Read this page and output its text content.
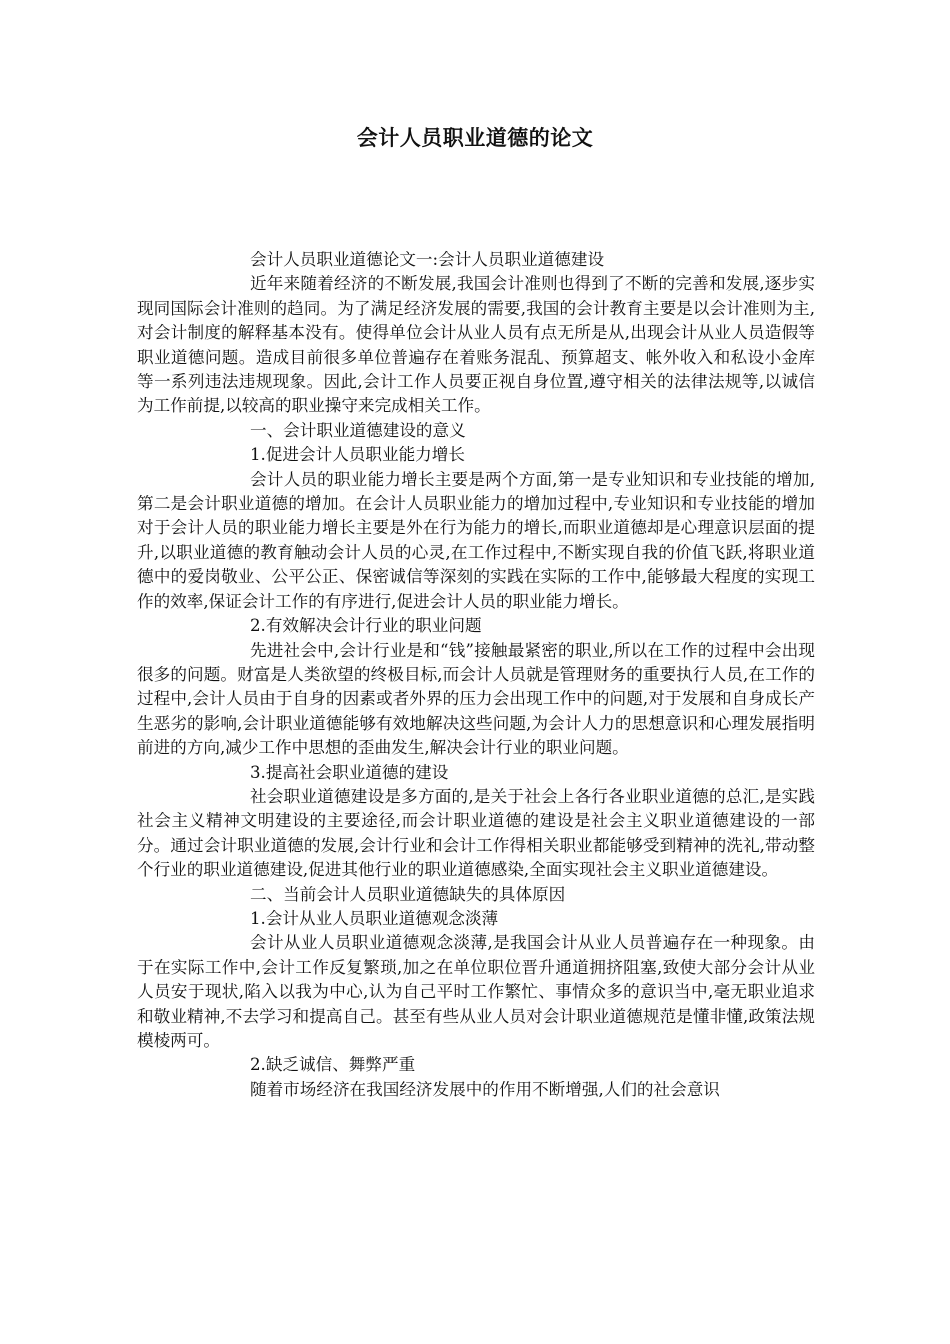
会计人员职业道德的论文

会计人员职业道德论文一:会计人员职业道德建设

近年来随着经济的不断发展,我国会计准则也得到了不断的完善和发展,逐步实现同国际会计准则的趋同。为了满足经济发展的需要,我国的会计教育主要是以会计准则为主,对会计制度的解释基本没有。使得单位会计从业人员有点无所是从,出现会计从业人员造假等职业道德问题。造成目前很多单位普遍存在着账务混乱、预算超支、帐外收入和私设小金库等一系列违法违规现象。因此,会计工作人员要正视自身位置,遵守相关的法律法规等,以诚信为工作前提,以较高的职业操守来完成相关工作。

一、会计职业道德建设的意义

1.促进会计人员职业能力增长

会计人员的职业能力增长主要是两个方面,第一是专业知识和专业技能的增加,第二是会计职业道德的增加。在会计人员职业能力的增加过程中,专业知识和专业技能的增加对于会计人员的职业能力增长主要是外在行为能力的增长,而职业道德却是心理意识层面的提升,以职业道德的教育触动会计人员的心灵,在工作过程中,不断实现自我的价值飞跃,将职业道德中的爱岗敬业、公平公正、保密诚信等深刻的实践在实际的工作中,能够最大程度的实现工作的效率,保证会计工作的有序进行,促进会计人员的职业能力增长。

2.有效解决会计行业的职业问题

先进社会中,会计行业是和“钱”接触最紧密的职业,所以在工作的过程中会出现很多的问题。财富是人类欲望的终极目标,而会计人员就是管理财务的重要执行人员,在工作的过程中,会计人员由于自身的因素或者外界的压力会出现工作中的问题,对于发展和自身成长产生恶劣的影响,会计职业道德能够有效地解决这些问题,为会计人力的思想意识和心理发展指明前进的方向,减少工作中思想的歪曲发生,解决会计行业的职业问题。

3.提高社会职业道德的建设

社会职业道德建设是多方面的,是关于社会上各行各业职业道德的总汇,是实践社会主义精神文明建设的主要途径,而会计职业道德的建设是社会主义职业道德建设的一部分。通过会计职业道德的发展,会计行业和会计工作得相关职业都能够受到精神的洗礼,带动整个行业的职业道德建设,促进其他行业的职业道德感染,全面实现社会主义职业道德建设。

二、当前会计人员职业道德缺失的具体原因

1.会计从业人员职业道德观念淡薄

会计从业人员职业道德观念淡薄,是我国会计从业人员普遍存在一种现象。由于在实际工作中,会计工作反复繁琐,加之在单位职位晋升通道拥挤阻塞,致使大部分会计从业人员安于现状,陷入以我为中心,认为自己平时工作繁忙、事情众多的意识当中,毫无职业追求和敬业精神,不去学习和提高自己。甚至有些从业人员对会计职业道德规范是懂非懂,政策法规模棱两可。

2.缺乏诚信、舞弊严重

随着市场经济在我国经济发展中的作用不断增强,人们的社会意识
